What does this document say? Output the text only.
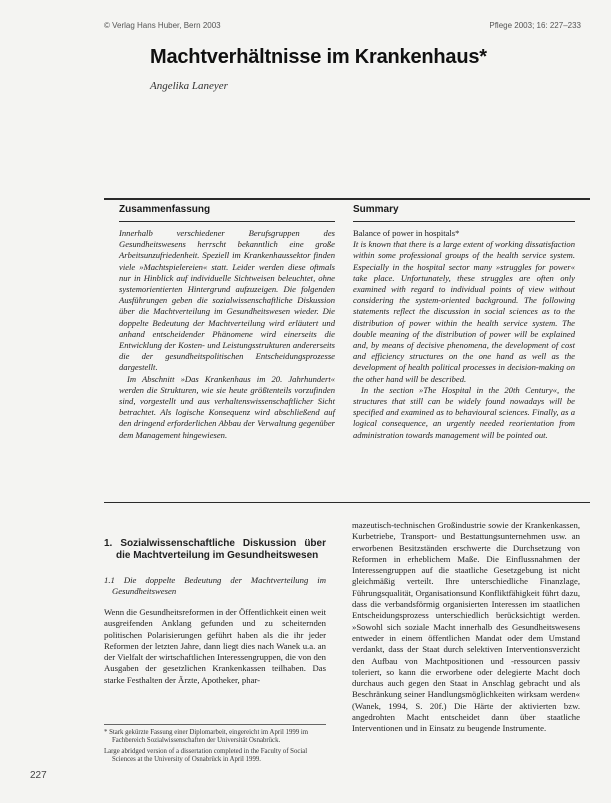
© Verlag Hans Huber, Bern 2003	Pflege 2003; 16: 227–233
Machtverhältnisse im Krankenhaus*
Angelika Laneyer
Zusammenfassung

Innerhalb verschiedener Berufsgruppen des Gesundheitswesens herrscht bekanntlich eine große Arbeitsunzufriedenheit. Speziell im Krankenhaussektor finden viele »Machtspielereien« statt. Leider werden diese oftmals nur in Hinblick auf individuelle Sichtweisen beleuchtet, ohne systemorientierten Hintergrund aufzuzeigen. Die folgenden Ausführungen geben die sozialwissenschaftliche Diskussion über die Machtverteilung im Gesundheitswesen wieder. Die doppelte Bedeutung der Machtverteilung wird erläutert und anhand entscheidender Phänomene wird einerseits die Entwicklung der Kosten- und Leistungsstrukturen andererseits die der gesundheitspolitischen Entscheidungsprozesse dargestellt.

Im Abschnitt »Das Krankenhaus im 20. Jahrhundert« werden die Strukturen, wie sie heute größtenteils vorzufinden sind, vorgestellt und aus verhaltenswissenschaftlicher Sicht betrachtet. Als logische Konsequenz wird abschließend auf den dringend erforderlichen Abbau der Verwaltung gegenüber dem Management hingewiesen.

Summary

Balance of power in hospitals*

It is known that there is a large extent of working dissatisfaction within some professional groups of the health service system. Especially in the hospital sector many »struggles for power« take place. Unfortunately, these struggles are often only examined with regard to individual points of view without considering the system-oriented background. The following statements reflect the discussion in social sciences as to the distribution of power within the health service system. The double meaning of the distribution of power will be explained and, by means of decisive phenomena, the development of cost and efficiency structures on the one hand as well as the development of health political processes in decision-making on the other hand will be described.

In the section »The Hospital in the 20th Century«, the structures that still can be widely found nowadays will be specified and examined as to behavioural sciences. Finally, as a logical consequence, an urgently needed reorientation from administration towards management will be pointed out.

1. Sozialwissenschaftliche Diskussion über die Machtverteilung im Gesundheitswesen
1.1 Die doppelte Bedeutung der Machtverteilung im Gesundheitswesen

Wenn die Gesundheitsreformen in der Öffentlichkeit einen weit ausgreifenden Anklang gefunden und zu scheiternden politischen Polarisierungen geführt haben als die ihr jeder Reformen der letzten Jahre, dann liegt dies nach Wanek u.a. an der Vielfalt der wirtschaftlichen Interessengruppen, die von den Ausgaben der gesetzlichen Krankenkassen teilhaben. Das starke Festhalten der Ärzte, Apotheker, phar-

mazeutisch-technischen Großindustrie sowie der Krankenkassen, Kurbetriebe, Transport- und Bestattungsunternehmen usw. an erworbenen Besitzständen erschwerte die Durchsetzung von Reformen in erheblichem Maße. Die Einflussnahmen der Interessengruppen auf die staatliche Gesetzgebung ist nicht gleichmäßig verteilt. Ihre unterschiedliche Finanzlage, Führungsqualität, Organisationsund Konfliktfähigkeit führt dazu, dass die verbandsförmig organisierten Interessen im staatlichen Entscheidungsprozess unterschiedlich berücksichtigt werden. »Sowohl sich soziale Macht innerhalb des Gesundheitswesens entweder in einem öffentlichen Mandat oder dem Umstand verdankt, dass der Staat durch selektiven Interventionsverzicht den Aufbau von Machtpositionen und -ressourcen passiv toleriert, so kann die erworbene oder delegierte Macht doch durchaus auch gegen den Staat in Anschlag gebracht und als Beschränkung seiner Handlungsmöglichkeiten wirksam werden« (Wanek, 1994, S. 20f.) Die Härte der aktivierten bzw. angedrohten Macht entscheidet dann über staatliche Interventionen und in Einsatz zu beugende Instrumente.

* Stark gekürzte Fassung einer Diplomarbeit, eingereicht im April 1999 im Fachbereich Sozialwissenschaften der Universität Osnabrück.

Large abridged version of a dissertation completed in the Faculty of Social Sciences at the University of Osnabrück in April 1999.

227
